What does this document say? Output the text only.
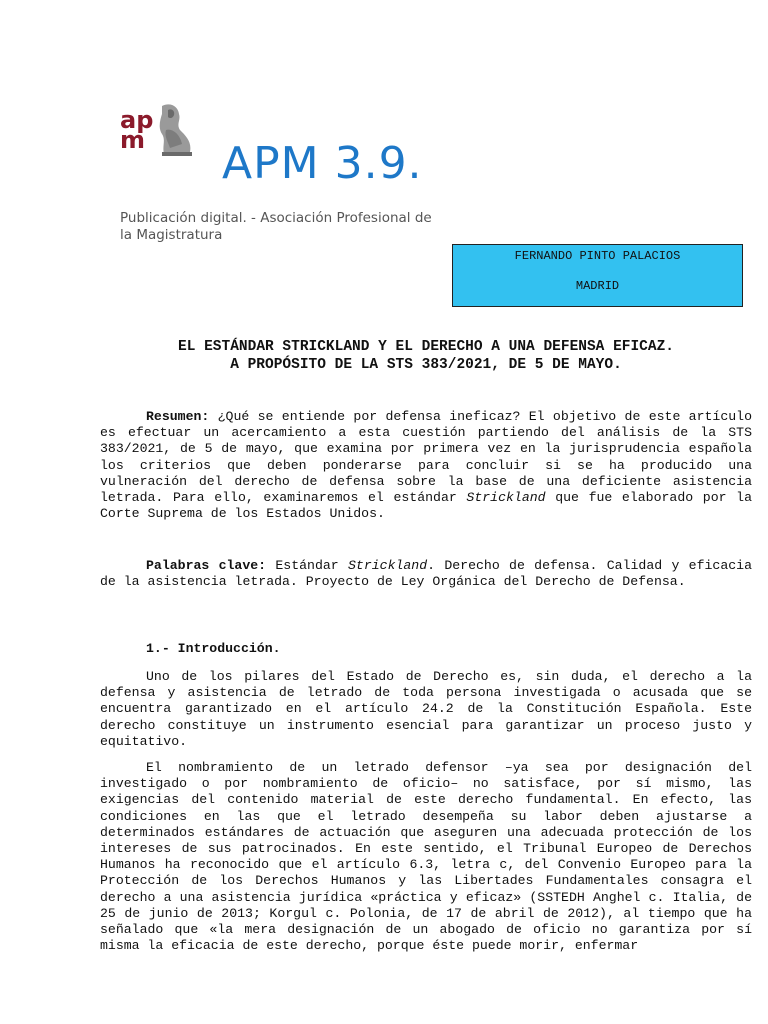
ap
m APM 3.9.
Publicación digital. - Asociación Profesional de
la Magistratura
FERNANDO PINTO PALACIOS
MADRID
EL ESTÁNDAR STRICKLAND Y EL DERECHO A UNA DEFENSA EFICAZ.
A PROPÓSITO DE LA STS 383/2021, DE 5 DE MAYO.

Resumen: ¿Qué se entiende por defensa ineficaz? El objetivo de este artículo es efectuar un acercamiento a esta cuestión partiendo del análisis de la STS 383/2021, de 5 de mayo, que examina por primera vez en la jurisprudencia española los criterios que deben ponderarse para concluir si se ha producido una vulneración del derecho de defensa sobre la base de una deficiente asistencia letrada. Para ello, examinaremos el estándar Strickland que fue elaborado por la Corte Suprema de los Estados Unidos.

Palabras clave: Estándar Strickland. Derecho de defensa. Calidad y eficacia de la asistencia letrada. Proyecto de Ley Orgánica del Derecho de Defensa.

1.- Introducción.

Uno de los pilares del Estado de Derecho es, sin duda, el derecho a la defensa y asistencia de letrado de toda persona investigada o acusada que se encuentra garantizado en el artículo 24.2 de la Constitución Española. Este derecho constituye un instrumento esencial para garantizar un proceso justo y equitativo.

El nombramiento de un letrado defensor –ya sea por designación del investigado o por nombramiento de oficio– no satisface, por sí mismo, las exigencias del contenido material de este derecho fundamental. En efecto, las condiciones en las que el letrado desempeña su labor deben ajustarse a determinados estándares de actuación que aseguren una adecuada protección de los intereses de sus patrocinados. En este sentido, el Tribunal Europeo de Derechos Humanos ha reconocido que el artículo 6.3, letra c, del Convenio Europeo para la Protección de los Derechos Humanos y las Libertades Fundamentales consagra el derecho a una asistencia jurídica «práctica y eficaz» (SSTEDH Anghel c. Italia, de 25 de junio de 2013; Korgul c. Polonia, de 17 de abril de 2012), al tiempo que ha señalado que «la mera designación de un abogado de oficio no garantiza por sí misma la eficacia de este derecho, porque éste puede morir, enfermar
